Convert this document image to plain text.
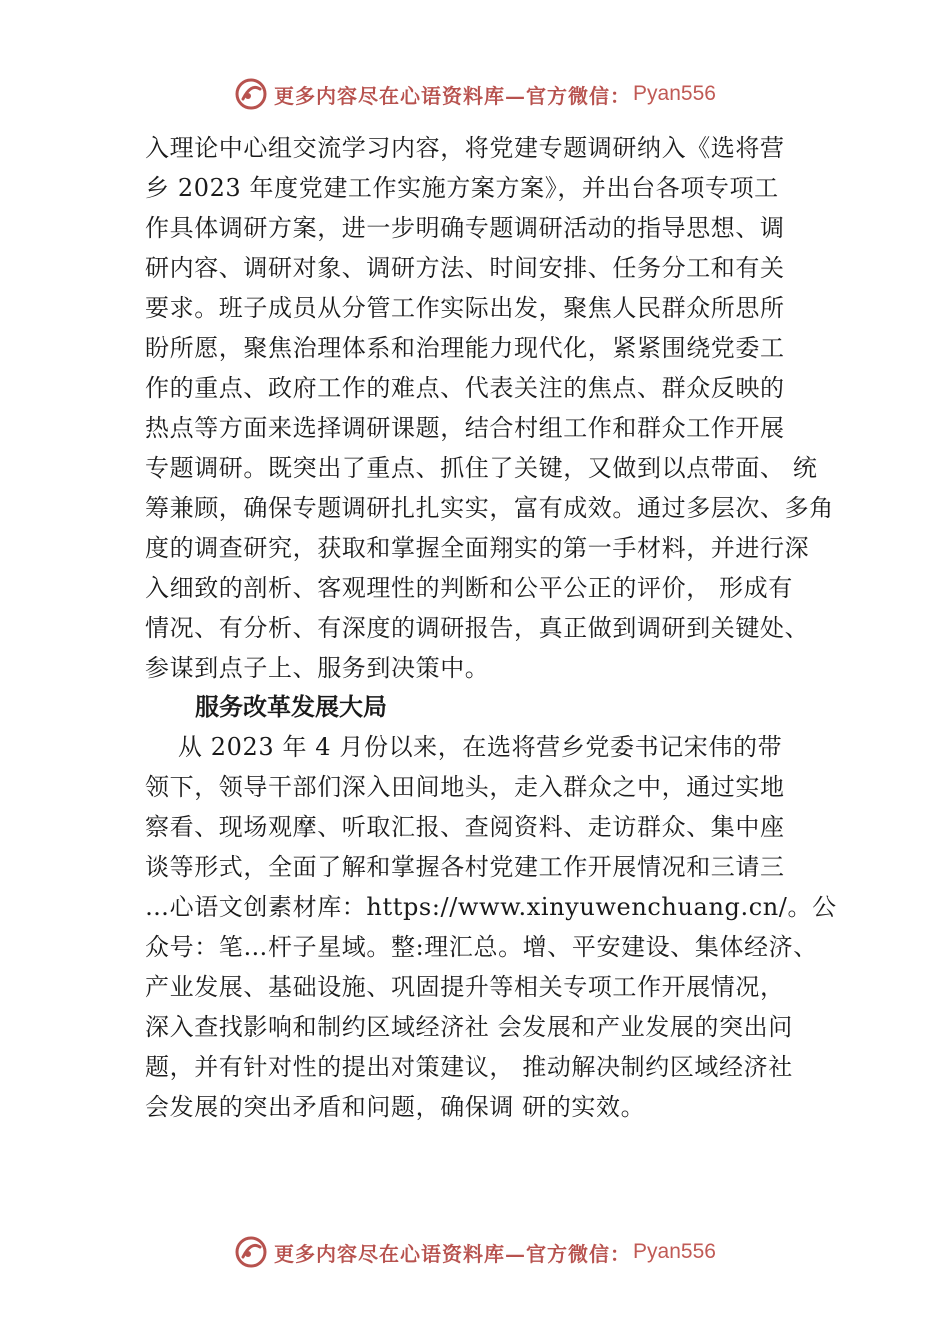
更多内容尽在心语资料库—官方微信： Pyan556
入理论中心组交流学习内容，将党建专题调研纳入《选将营
乡 2023 年度党建工作实施方案方案》，并出台各项专项工
作具体调研方案，进一步明确专题调研活动的指导思想、调
研内容、调研对象、调研方法、时间安排、任务分工和有关
要求。班子成员从分管工作实际出发，聚焦人民群众所思所
盼所愿，聚焦治理体系和治理能力现代化，紧紧围绕党委工
作的重点、政府工作的难点、代表关注的焦点、群众反映的
热点等方面来选择调研课题，结合村组工作和群众工作开展
专题调研。既突出了重点、抓住了关键，又做到以点带面、 统
筹兼顾，确保专题调研扎扎实实，富有成效。通过多层次、多角
度的调查研究，获取和掌握全面翔实的第一手材料，并进行深
入细致的剖析、客观理性的判断和公平公正的评价， 形成有
情况、有分析、有深度的调研报告，真正做到调研到关键处、
参谋到点子上、服务到决策中。
服务改革发展大局
从 2023 年 4 月份以来，在选将营乡党委书记宋伟的带
领下，领导干部们深入田间地头，走入群众之中，通过实地
察看、现场观摩、听取汇报、查阅资料、走访群众、集中座
谈等形式，全面了解和掌握各村党建工作开展情况和三请三
…心语文创素材库：https://www.xinyuwenchuang.cn/。公
众号：笔…杆子星域。整:理汇总。增、平安建设、集体经济、
产业发展、基础设施、巩固提升等相关专项工作开展情况，
深入查找影响和制约区域经济社 会发展和产业发展的突出问
题，并有针对性的提出对策建议， 推动解决制约区域经济社
会发展的突出矛盾和问题，确保调 研的实效。
更多内容尽在心语资料库—官方微信： Pyan556
